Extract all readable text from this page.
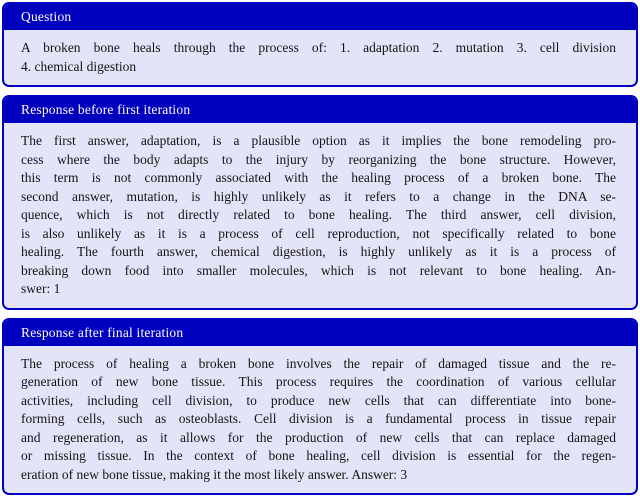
Question
A broken bone heals through the process of: 1. adaptation 2. mutation 3. cell division
4. chemical digestion
Response before first iteration
The first answer, adaptation, is a plausible option as it implies the bone remodeling pro-
cess where the body adapts to the injury by reorganizing the bone structure. However,
this term is not commonly associated with the healing process of a broken bone. The
second answer, mutation, is highly unlikely as it refers to a change in the DNA se-
quence, which is not directly related to bone healing. The third answer, cell division,
is also unlikely as it is a process of cell reproduction, not specifically related to bone
healing. The fourth answer, chemical digestion, is highly unlikely as it is a process of
breaking down food into smaller molecules, which is not relevant to bone healing. An-
swer: 1
Response after final iteration
The process of healing a broken bone involves the repair of damaged tissue and the re-
generation of new bone tissue. This process requires the coordination of various cellular
activities, including cell division, to produce new cells that can differentiate into bone-
forming cells, such as osteoblasts. Cell division is a fundamental process in tissue repair
and regeneration, as it allows for the production of new cells that can replace damaged
or missing tissue. In the context of bone healing, cell division is essential for the regen-
eration of new bone tissue, making it the most likely answer. Answer: 3
